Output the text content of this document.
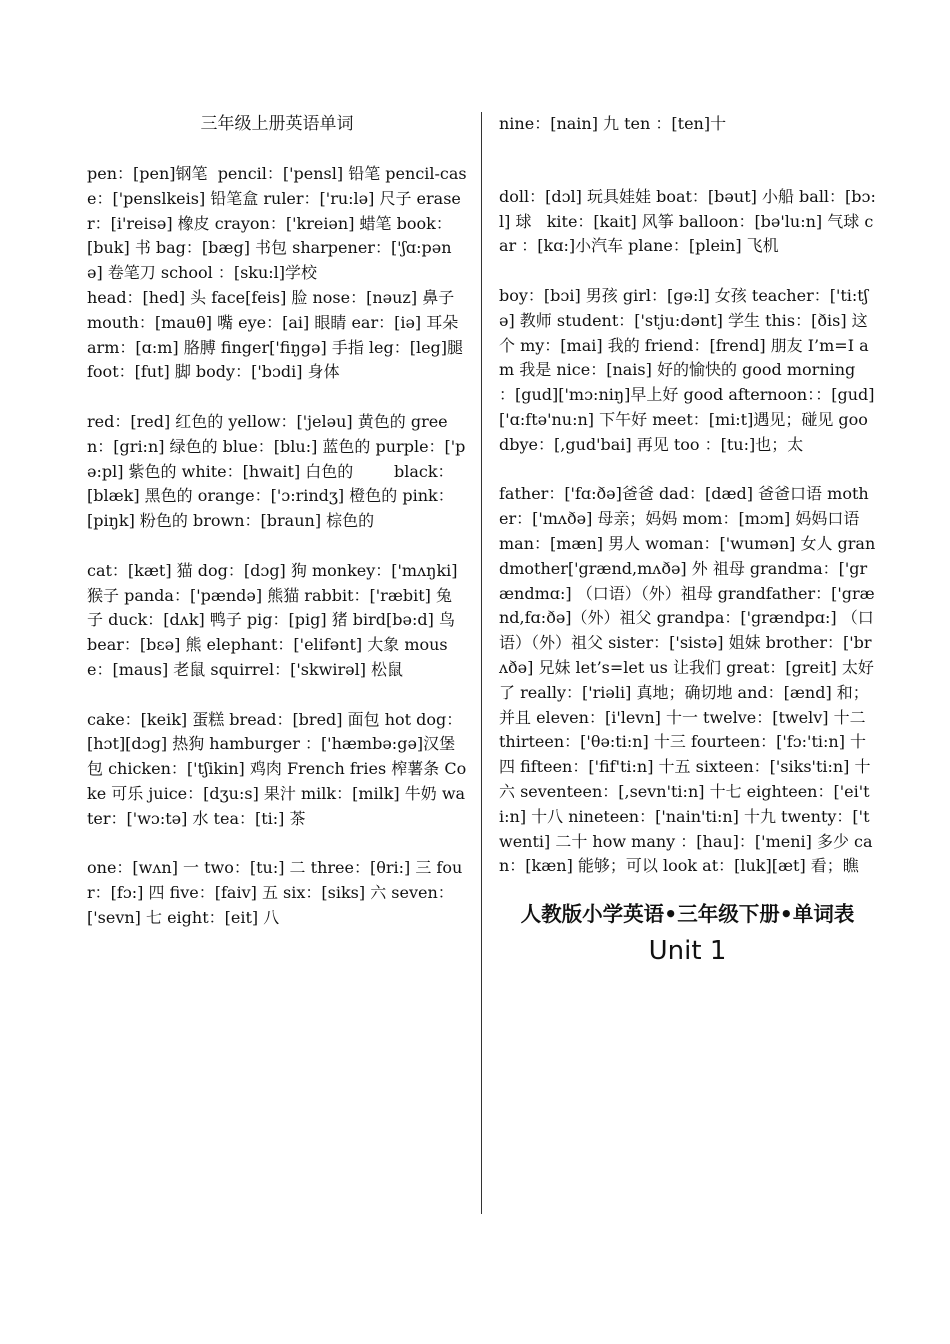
三年级上册英语单词
pen：[pen]钢笔  pencil：['pensl] 铅笔 pencil-case：['penslkeis] 铅笔盒 ruler：['ru:lə] 尺子 eraser：[i'reisə] 橡皮 crayon：['kreiən] 蜡笔 book：[buk] 书 bag：[bæg] 书包 sharpener：['ʃɑ:pənə] 卷笔刀 school ：[sku:l]学校
head：[hed] 头 face[feis] 脸 nose：[nəuz] 鼻子 mouth：[mauθ] 嘴 eye：[ai] 眼睛 ear：[iə] 耳朵 arm：[ɑ:m] 胳膊 finger['fiŋgə] 手指 leg：[leg]腿 foot：[fut] 脚 body：['bɔdi] 身体
red：[red] 红色的 yellow：['jeləu] 黄色的 green：[gri:n] 绿色的 blue：[blu:] 蓝色的 purple：['pə:pl] 紫色的 white：[hwait] 白色的        black：[blæk] 黑色的 orange：['ɔ:rindʒ] 橙色的 pink：[piŋk] 粉色的 brown：[braun] 棕色的
cat：[kæt] 猫 dog：[dɔg] 狗 monkey：['mʌŋki] 猴子 panda：['pændə] 熊猫 rabbit：['ræbit] 兔子 duck：[dʌk] 鸭子 pig：[pig] 猪 bird[bə:d] 鸟 bear：[bɛə] 熊 elephant：['elifənt] 大象 mouse：[maus] 老鼠 squirrel：['skwirəl] 松鼠
cake：[keik] 蛋糕 bread：[bred] 面包 hot dog：[hɔt][dɔg] 热狗 hamburger ：['hæmbə:gə]汉堡包 chicken：['tʃikin] 鸡肉 French fries 榨薯条 Coke 可乐 juice：[dʒu:s] 果汁 milk：[milk] 牛奶 water：['wɔ:tə] 水 tea：[ti:] 茶
one：[wʌn] 一 two：[tu:] 二 three：[θri:] 三 four：[fɔ:] 四 five：[faiv] 五 six：[siks] 六 seven：['sevn] 七 eight：[eit] 八
nine：[nain] 九 ten ：[ten]十
doll：[dɔl] 玩具娃娃 boat：[bəut] 小船 ball：[bɔ:l] 球   kite：[kait] 风筝 balloon：[bə'lu:n] 气球 car ：[kɑ:]小汽车 plane：[plein] 飞机
boy：[bɔi] 男孩 girl：[gə:l] 女孩 teacher：['ti:tʃə] 教师 student：['stju:dənt] 学生 this：[ðis] 这个 my：[mai] 我的 friend：[frend] 朋友 I’m=I am 我是 nice：[nais] 好的愉快的 good morning ：[gud]['mɔ:niŋ]早上好 good afternoon：：[gud]['ɑ:ftə'nu:n] 下午好 meet：[mi:t]遇见；碰见 goodbye：[,gud'bai] 再见 too ：[tu:]也；太
father：['fɑ:ðə]爸爸 dad：[dæd] 爸爸口语 mother：['mʌðə] 母亲；妈妈 mom：[mɔm] 妈妈口语 man：[mæn] 男人 woman：['wumən] 女人 grandmother['grænd,mʌðə] 外 祖母 grandma：['grændmɑ:] （口语）（外）祖母 grandfather：['grænd,fɑ:ðə]（外）祖父 grandpa：['grændpɑ:] （口语）（外）祖父 sister：['sistə] 姐妹 brother：['brʌðə] 兄妹 let’s=let us 让我们 great：[greit] 太好了 really：['riəli] 真地；确切地 and：[ænd] 和；并且 eleven：[i'levn] 十一 twelve：[twelv] 十二 thirteen：['θə:ti:n] 十三 fourteen：['fɔ:'ti:n] 十四 fifteen：['fif'ti:n] 十五 sixteen：['siks'ti:n] 十六 seventeen：[,sevn'ti:n] 十七 eighteen：['ei'ti:n] 十八 nineteen：['nain'ti:n] 十九 twenty：['twenti] 二十 how many ：[hau]：['meni] 多少 can：[kæn] 能够；可以 look at：[luk][æt] 看；瞧
人教版小学英语•三年级下册•单词表
Unit 1
